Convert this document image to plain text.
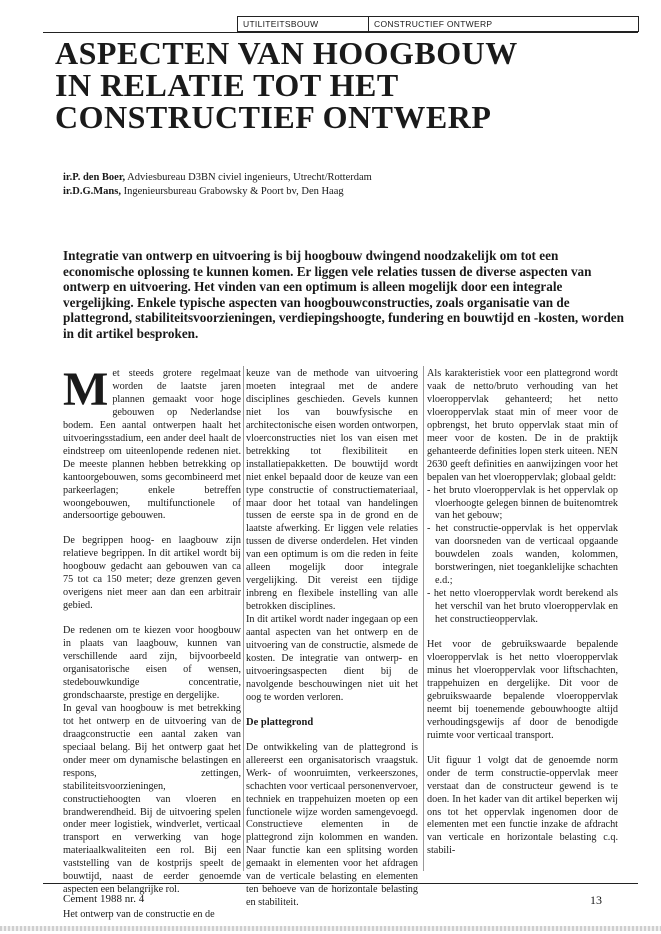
UTILITEITSBOUW	CONSTRUCTIEF ONTWERP
ASPECTEN VAN HOOGBOUW
IN RELATIE TOT HET
CONSTRUCTIEF ONTWERP
ir.P. den Boer, Adviesbureau D3BN civiel ingenieurs, Utrecht/Rotterdam
ir.D.G.Mans, Ingenieursbureau Grabowsky & Poort bv, Den Haag
Integratie van ontwerp en uitvoering is bij hoogbouw dwingend noodzakelijk om tot een economische oplossing te kunnen komen. Er liggen vele relaties tussen de diverse aspecten van ontwerp en uitvoering. Het vinden van een optimum is alleen mogelijk door een integrale vergelijking. Enkele typische aspecten van hoogbouwconstructies, zoals organisatie van de plattegrond, stabiliteitsvoorzieningen, verdiepingshoogte, fundering en bouwtijd en -kosten, worden in dit artikel besproken.

Met steeds grotere regelmaat worden de laatste jaren plannen gemaakt voor hoge gebouwen op Nederlandse bodem. Een aantal ontwerpen haalt het uitvoeringsstadium, een ander deel haalt de eindstreep om uiteenlopende redenen niet. De meeste plannen hebben betrekking op kantoorgebouwen, soms gecombineerd met parkeerlagen; enkele betreffen woongebouwen, multifunctionele of andersoortige gebouwen.

De begrippen hoog- en laagbouw zijn relatieve begrippen. In dit artikel wordt bij hoogbouw gedacht aan gebouwen van ca 75 tot ca 150 meter; deze grenzen geven overigens niet meer aan dan een arbitrair gebied.

De redenen om te kiezen voor hoogbouw in plaats van laagbouw, kunnen van verschillende aard zijn, bijvoorbeeld organisatorische eisen of wensen, stedebouwkundige concentratie, grondschaarste, prestige en dergelijke.

In geval van hoogbouw is met betrekking tot het ontwerp en de uitvoering van de draagconstructie een aantal zaken van speciaal belang. Bij het ontwerp gaat het onder meer om dynamische belastingen en respons, zettingen, stabiliteitsvoorzieningen, constructiehoogten van vloeren en brandwerendheid. Bij de uitvoering spelen onder meer logistiek, windverlet, verticaal transport en verwerking van hoge materiaalkwaliteiten een rol. Bij een vaststelling van de kostprijs speelt de bouwtijd, naast de eerder genoemde aspecten een belangrijke rol.

Het ontwerp van de constructie en de

keuze van de methode van uitvoering moeten integraal met de andere disciplines geschieden. Gevels kunnen niet los van bouwfysische en architectonische eisen worden ontworpen, vloerconstructies niet los van eisen met betrekking tot flexibiliteit en installatiepakketten. De bouwtijd wordt niet enkel bepaald door de keuze van een type constructie of constructiemateriaal, maar door het totaal van handelingen tussen de eerste spa in de grond en de laatste afwerking. Er liggen vele relaties tussen de diverse onderdelen. Het vinden van een optimum is om die reden in feite alleen mogelijk door integrale vergelijking. Dit vereist een tijdige inbreng en flexibele instelling van alle betrokken disciplines.

In dit artikel wordt nader ingegaan op een aantal aspecten van het ontwerp en de uitvoering van de constructie, alsmede de kosten. De integratie van ontwerp- en uitvoeringsaspecten dient bij de navolgende beschouwingen niet uit het oog te worden verloren.

De plattegrond

De ontwikkeling van de plattegrond is allereerst een organisatorisch vraagstuk. Werk- of woonruimten, verkeerszones, schachten voor verticaal personenvervoer, techniek en trappehuizen moeten op een functionele wijze worden samengevoegd. Constructieve elementen in de plattegrond zijn kolommen en wanden. Naar functie kan een splitsing worden gemaakt in elementen voor het afdragen van de verticale belasting en elementen ten behoeve van de horizontale belasting en stabiliteit.

Als karakteristiek voor een plattegrond wordt vaak de netto/bruto verhouding van het vloeroppervlak gehanteerd; het netto vloeroppervlak staat min of meer voor de opbrengst, het bruto oppervlak staat min of meer voor de kosten. De in de praktijk gehanteerde definities lopen sterk uiteen. NEN 2630 geeft definities en aanwijzingen voor het bepalen van het vloeroppervlak; globaal geldt:

- het bruto vloeroppervlak is het oppervlak op vloerhoogte gelegen binnen de buitenomtrek van het gebouw;
- het constructie-oppervlak is het oppervlak van doorsneden van de verticaal opgaande bouwdelen zoals wanden, kolommen, borstweringen, niet toeganklelijke schachten e.d.;
- het netto vloeroppervlak wordt berekend als het verschil van het bruto vloeroppervlak en het constructieoppervlak.

Het voor de gebruikswaarde bepalende vloeroppervlak is het netto vloeroppervlak minus het vloeroppervlak voor liftschachten, trappehuizen en dergelijke. Dit voor de gebruikswaarde bepalende vloeroppervlak neemt bij toenemende gebouwhoogte altijd verhoudingsgewijs af door de benodigde ruimte voor verticaal transport.

Uit figuur 1 volgt dat de genoemde norm onder de term constructie-oppervlak meer verstaat dan de constructeur gewend is te doen. In het kader van dit artikel beperken wij ons tot het oppervlak ingenomen door de elementen met een functie inzake de afdracht van verticale en horizontale belasting c.q. stabili-

Cement 1988 nr. 4	13
